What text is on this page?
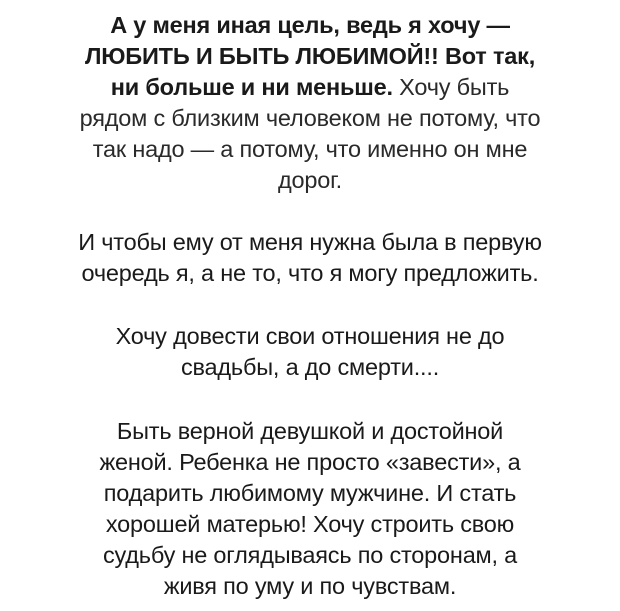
А у меня иная цель, ведь я хочу —
ЛЮБИТЬ И БЫТЬ ЛЮБИМОЙ!! Вот так,
ни больше и ни меньше. Хочу быть
рядом с близким человеком не потому, что
так надо — а потому, что именно он мне
дорог.

И чтобы ему от меня нужна была в первую
очередь я, а не то, что я могу предложить.

Хочу довести свои отношения не до
свадьбы, а до смерти....

Быть верной девушкой и достойной
женой. Ребенка не просто «завести», а
подарить любимому мужчине. И стать
хорошей матерью! Хочу строить свою
судьбу не оглядываясь по сторонам, а
живя по уму и по чувствам.
